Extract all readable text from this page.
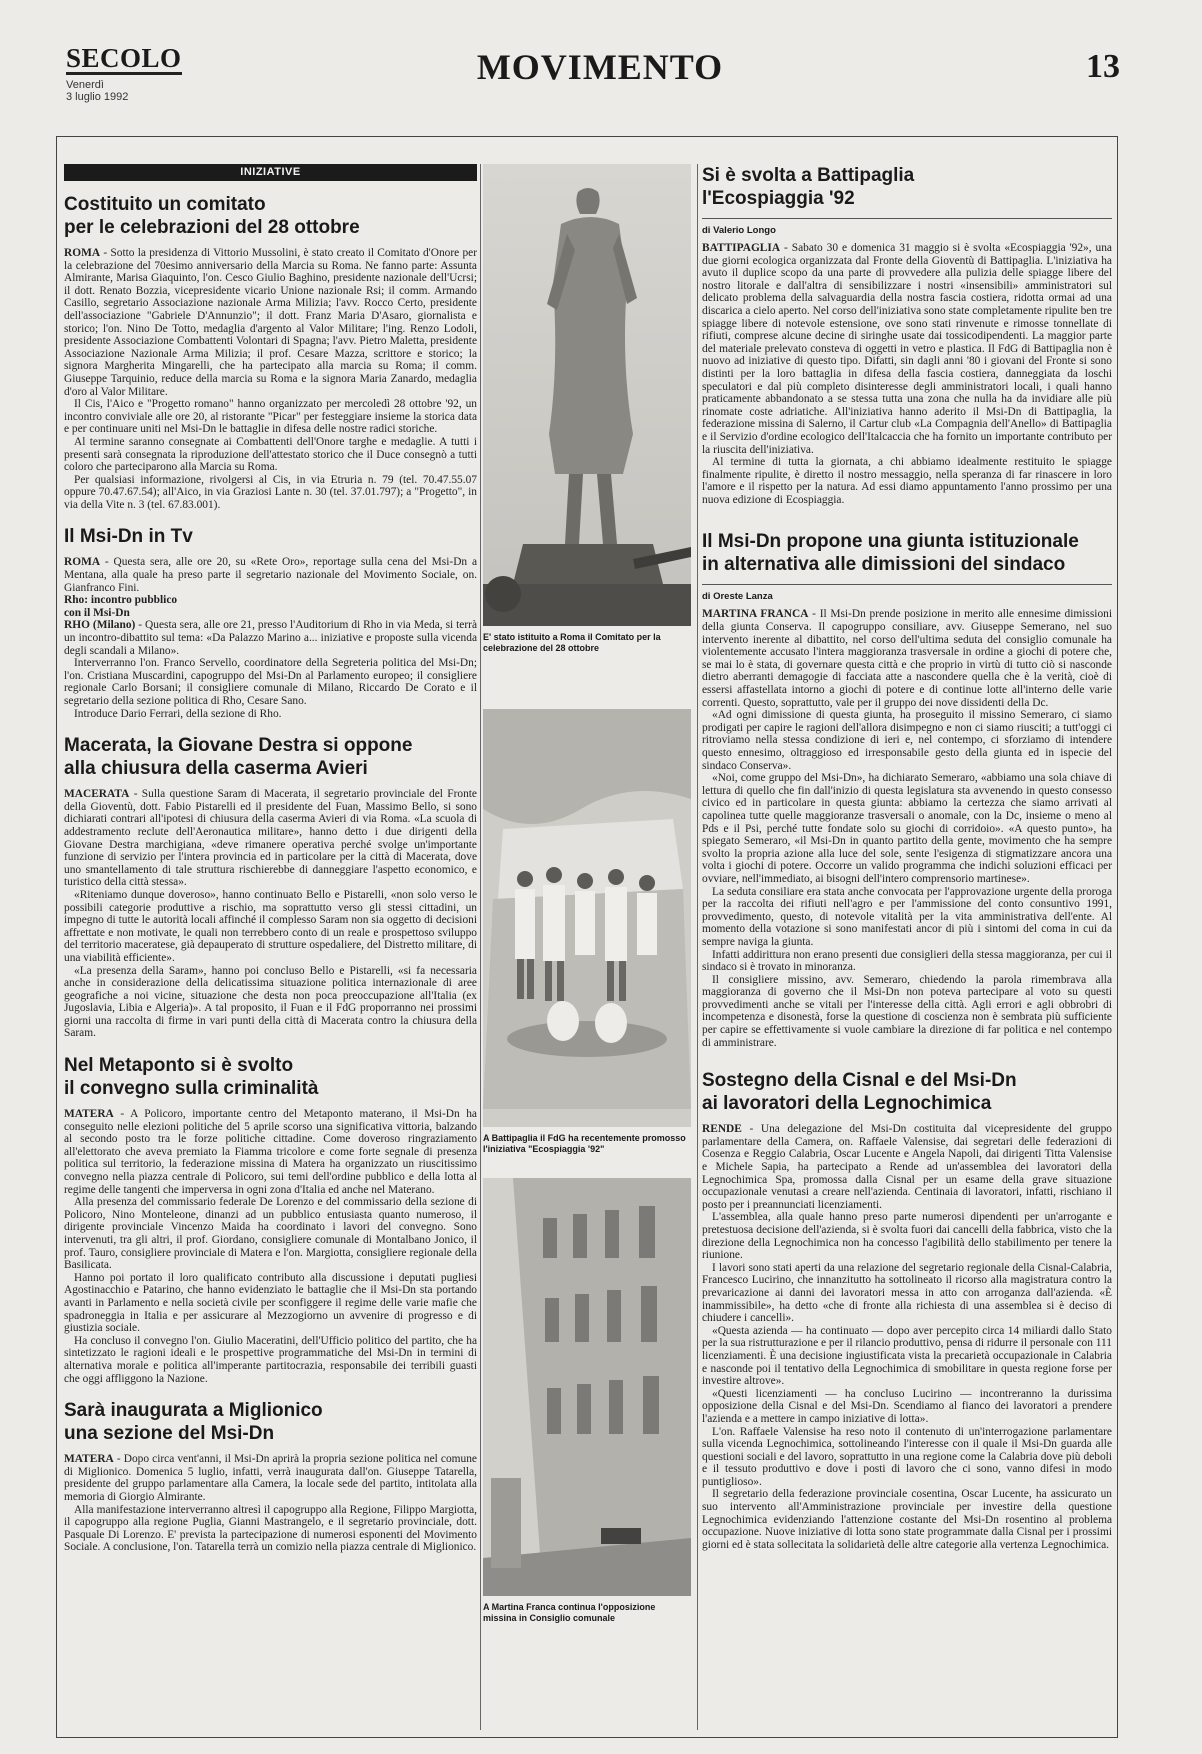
SECOLO
Venerdì
3 luglio 1992
MOVIMENTO	13
INIZIATIVE
Costituito un comitato
per le celebrazioni del 28 ottobre

ROMA - Sotto la presidenza di Vittorio Mussolini, è stato creato il Comitato d'Onore per la celebrazione del 70esimo anniversario della Marcia su Roma. Ne fanno parte: Assunta Almirante, Marisa Giaquinto, l'on. Cesco Giulio Baghino, presidente nazionale dell'Ucrsi; il dott. Renato Bozzia, vicepresidente vicario Unione nazionale Rsi; il comm. Armando Casillo, segretario Associazione nazionale Arma Milizia; l'avv. Rocco Certo, presidente dell'associazione "Gabriele D'Annunzio"; il dott. Franz Maria D'Asaro, giornalista e storico; l'on. Nino De Totto, medaglia d'argento al Valor Militare; l'ing. Renzo Lodoli, presidente Associazione Combattenti Volontari di Spagna; l'avv. Pietro Maletta, presidente Associazione Nazionale Arma Milizia; il prof. Cesare Mazza, scrittore e storico; la signora Margherita Mingarelli, che ha partecipato alla marcia su Roma; il comm. Giuseppe Tarquinio, reduce della marcia su Roma e la signora Maria Zanardo, medaglia d'oro al Valor Militare.

Il Cis, l'Aico e "Progetto romano" hanno organizzato per mercoledì 28 ottobre '92, un incontro conviviale alle ore 20, al ristorante "Picar" per festeggiare insieme la storica data e per continuare uniti nel Msi-Dn le battaglie in difesa delle nostre radici storiche.

Al termine saranno consegnate ai Combattenti dell'Onore targhe e medaglie. A tutti i presenti sarà consegnata la riproduzione dell'attestato storico che il Duce consegnò a tutti coloro che parteciparono alla Marcia su Roma.

Per qualsiasi informazione, rivolgersi al Cis, in via Etruria n. 79 (tel. 70.47.55.07 oppure 70.47.67.54); all'Aico, in via Graziosi Lante n. 30 (tel. 37.01.797); a "Progetto", in via della Vite n. 3 (tel. 67.83.001).

Il Msi-Dn in Tv

ROMA - Questa sera, alle ore 20, su «Rete Oro», reportage sulla cena del Msi-Dn a Mentana, alla quale ha preso parte il segretario nazionale del Movimento Sociale, on. Gianfranco Fini.

Rho: incontro pubblico

con il Msi-Dn

RHO (Milano) - Questa sera, alle ore 21, presso l'Auditorium di Rho in via Meda, si terrà un incontro-dibattito sul tema: «Da Palazzo Marino a... iniziative e proposte sulla vicenda degli scandali a Milano».

Interverranno l'on. Franco Servello, coordinatore della Segreteria politica del Msi-Dn; l'on. Cristiana Muscardini, capogruppo del Msi-Dn al Parlamento europeo; il consigliere regionale Carlo Borsani; il consigliere comunale di Milano, Riccardo De Corato e il segretario della sezione politica di Rho, Cesare Sano.

Introduce Dario Ferrari, della sezione di Rho.

Macerata, la Giovane Destra si oppone
alla chiusura della caserma Avieri

MACERATA - Sulla questione Saram di Macerata, il segretario provinciale del Fronte della Gioventù, dott. Fabio Pistarelli ed il presidente del Fuan, Massimo Bello, si sono dichiarati contrari all'ipotesi di chiusura della caserma Avieri di via Roma. «La scuola di addestramento reclute dell'Aeronautica militare», hanno detto i due dirigenti della Giovane Destra marchigiana, «deve rimanere operativa perché svolge un'importante funzione di servizio per l'intera provincia ed in particolare per la città di Macerata, dove uno smantellamento di tale struttura rischierebbe di danneggiare l'aspetto economico, e turistico della città stessa».

«Riteniamo dunque doveroso», hanno continuato Bello e Pistarelli, «non solo verso le possibili categorie produttive a rischio, ma soprattutto verso gli stessi cittadini, un impegno di tutte le autorità locali affinché il complesso Saram non sia oggetto di decisioni affrettate e non motivate, le quali non terrebbero conto di un reale e prospettoso sviluppo del territorio maceratese, già depauperato di strutture ospedaliere, del Distretto militare, di una viabilità efficiente».

«La presenza della Saram», hanno poi concluso Bello e Pistarelli, «si fa necessaria anche in considerazione della delicatissima situazione politica internazionale di aree geografiche a noi vicine, situazione che desta non poca preoccupazione all'Italia (ex Jugoslavia, Libia e Algeria)». A tal proposito, il Fuan e il FdG proporranno nei prossimi giorni una raccolta di firme in vari punti della città di Macerata contro la chiusura della Saram.

Nel Metaponto si è svolto
il convegno sulla criminalità

MATERA - A Policoro, importante centro del Metaponto materano, il Msi-Dn ha conseguito nelle elezioni politiche del 5 aprile scorso una significativa vittoria, balzando al secondo posto tra le forze politiche cittadine. Come doveroso ringraziamento all'elettorato che aveva premiato la Fiamma tricolore e come forte segnale di presenza politica sul territorio, la federazione missina di Matera ha organizzato un riuscitissimo convegno nella piazza centrale di Policoro, sui temi dell'ordine pubblico e della lotta al regime delle tangenti che imperversa in ogni zona d'Italia ed anche nel Materano.

Alla presenza del commissario federale De Lorenzo e del commissario della sezione di Policoro, Nino Monteleone, dinanzi ad un pubblico entusiasta quanto numeroso, il dirigente provinciale Vincenzo Maida ha coordinato i lavori del convegno. Sono intervenuti, tra gli altri, il prof. Giordano, consigliere comunale di Montalbano Jonico, il prof. Tauro, consigliere provinciale di Matera e l'on. Margiotta, consigliere regionale della Basilicata.

Hanno poi portato il loro qualificato contributo alla discussione i deputati pugliesi Agostinacchio e Patarino, che hanno evidenziato le battaglie che il Msi-Dn sta portando avanti in Parlamento e nella società civile per sconfiggere il regime delle varie mafie che spadroneggia in Italia e per assicurare al Mezzogiorno un avvenire di progresso e di giustizia sociale.

Ha concluso il convegno l'on. Giulio Maceratini, dell'Ufficio politico del partito, che ha sintetizzato le ragioni ideali e le prospettive programmatiche del Msi-Dn in termini di alternativa morale e politica all'imperante partitocrazia, responsabile dei terribili guasti che oggi affliggono la Nazione.

Sarà inaugurata a Miglionico
una sezione del Msi-Dn

MATERA - Dopo circa vent'anni, il Msi-Dn aprirà la propria sezione politica nel comune di Miglionico. Domenica 5 luglio, infatti, verrà inaugurata dall'on. Giuseppe Tatarella, presidente del gruppo parlamentare alla Camera, la locale sede del partito, intitolata alla memoria di Giorgio Almirante.

Alla manifestazione interverranno altresì il capogruppo alla Regione, Filippo Margiotta, il capogruppo alla regione Puglia, Gianni Mastrangelo, e il segretario provinciale, dott. Pasquale Di Lorenzo. E' prevista la partecipazione di numerosi esponenti del Movimento Sociale. A conclusione, l'on. Tatarella terrà un comizio nella piazza centrale di Miglionico.

E' stato istituito a Roma il Comitato per la celebrazione del 28 ottobre
A Battipaglia il FdG ha recentemente promosso l'iniziativa "Ecospiaggia '92"
A Martina Franca continua l'opposizione missina in Consiglio comunale
Si è svolta a Battipaglia
l'Ecospiaggia '92
di Valerio Longo

BATTIPAGLIA - Sabato 30 e domenica 31 maggio si è svolta «Ecospiaggia '92», una due giorni ecologica organizzata dal Fronte della Gioventù di Battipaglia. L'iniziativa ha avuto il duplice scopo da una parte di provvedere alla pulizia delle spiagge libere del nostro litorale e dall'altra di sensibilizzare i nostri «insensibili» amministratori sul delicato problema della salvaguardia della nostra fascia costiera, ridotta ormai ad una discarica a cielo aperto. Nel corso dell'iniziativa sono state completamente ripulite ben tre spiagge libere di notevole estensione, ove sono stati rinvenute e rimosse tonnellate di rifiuti, comprese alcune decine di siringhe usate dai tossicodipendenti. La maggior parte del materiale prelevato consteva di oggetti in vetro e plastica. Il FdG di Battipaglia non è nuovo ad iniziative di questo tipo. Difatti, sin dagli anni '80 i giovani del Fronte si sono distinti per la loro battaglia in difesa della fascia costiera, danneggiata da loschi speculatori e dal più completo disinteresse degli amministratori locali, i quali hanno praticamente abbandonato a se stessa tutta una zona che nulla ha da invidiare alle più rinomate coste adriatiche. All'iniziativa hanno aderito il Msi-Dn di Battipaglia, la federazione missina di Salerno, il Cartur club «La Compagnia dell'Anello» di Battipaglia e il Servizio d'ordine ecologico dell'Italcaccia che ha fornito un importante contributo per la riuscita dell'iniziativa.

Al termine di tutta la giornata, a chi abbiamo idealmente restituito le spiagge finalmente ripulite, è diretto il nostro messaggio, nella speranza di far rinascere in loro l'amore e il rispetto per la natura. Ad essi diamo appuntamento l'anno prossimo per una nuova edizione di Ecospiaggia.

Il Msi-Dn propone una giunta istituzionale
in alternativa alle dimissioni del sindaco
di Oreste Lanza

MARTINA FRANCA - Il Msi-Dn prende posizione in merito alle ennesime dimissioni della giunta Conserva. Il capogruppo consiliare, avv. Giuseppe Semerano, nel suo intervento inerente al dibattito, nel corso dell'ultima seduta del consiglio comunale ha violentemente accusato l'intera maggioranza trasversale in ordine a giochi di potere che, se mai lo è stata, di governare questa città e che proprio in virtù di tutto ciò si nasconde dietro aberranti demagogie di facciata atte a nascondere quella che è la verità, cioè di essersi affastellata intorno a giochi di potere e di continue lotte all'interno delle varie correnti. Questo, soprattutto, vale per il gruppo dei nove dissidenti della Dc.

«Ad ogni dimissione di questa giunta, ha proseguito il missino Semeraro, ci siamo prodigati per capire le ragioni dell'allora disimpegno e non ci siamo riusciti; a tutt'oggi ci ritroviamo nella stessa condizione di ieri e, nel contempo, ci sforziamo di intendere questo ennesimo, oltraggioso ed irresponsabile gesto della giunta ed in ispecie del sindaco Conserva».

«Noi, come gruppo del Msi-Dn», ha dichiarato Semeraro, «abbiamo una sola chiave di lettura di quello che fin dall'inizio di questa legislatura sta avvenendo in questo consesso civico ed in particolare in questa giunta: abbiamo la certezza che siamo arrivati al capolinea tutte quelle maggioranze trasversali o anomale, con la Dc, insieme o meno al Pds e il Psi, perché tutte fondate solo su giochi di corridoio». «A questo punto», ha spiegato Semeraro, «il Msi-Dn in quanto partito della gente, movimento che ha sempre svolto la propria azione alla luce del sole, sente l'esigenza di stigmatizzare ancora una volta i giochi di potere. Occorre un valido programma che indichi soluzioni efficaci per ovviare, nell'immediato, ai bisogni dell'intero comprensorio martinese».

La seduta consiliare era stata anche convocata per l'approvazione urgente della proroga per la raccolta dei rifiuti nell'agro e per l'ammissione del conto consuntivo 1991, provvedimento, questo, di notevole vitalità per la vita amministrativa dell'ente. Al momento della votazione si sono manifestati ancor di più i sintomi del coma in cui da sempre naviga la giunta.

Infatti addirittura non erano presenti due consiglieri della stessa maggioranza, per cui il sindaco si è trovato in minoranza.

Il consigliere missino, avv. Semeraro, chiedendo la parola rimembrava alla maggioranza di governo che il Msi-Dn non poteva partecipare al voto su questi provvedimenti anche se vitali per l'interesse della città. Agli errori e agli obbrobri di incompetenza e disonestà, forse la questione di coscienza non è sembrata più sufficiente per capire se effettivamente si vuole cambiare la direzione di far politica e nel contempo di amministrare.

Sostegno della Cisnal e del Msi-Dn
ai lavoratori della Legnochimica

RENDE - Una delegazione del Msi-Dn costituita dal vicepresidente del gruppo parlamentare della Camera, on. Raffaele Valensise, dai segretari delle federazioni di Cosenza e Reggio Calabria, Oscar Lucente e Angela Napoli, dai dirigenti Titta Valensise e Michele Sapia, ha partecipato a Rende ad un'assemblea dei lavoratori della Legnochimica Spa, promossa dalla Cisnal per un esame della grave situazione occupazionale venutasi a creare nell'azienda. Centinaia di lavoratori, infatti, rischiano il posto per i preannunciati licenziamenti.

L'assemblea, alla quale hanno preso parte numerosi dipendenti per un'arrogante e pretestuosa decisione dell'azienda, si è svolta fuori dai cancelli della fabbrica, visto che la direzione della Legnochimica non ha concesso l'agibilità dello stabilimento per tenere la riunione.

I lavori sono stati aperti da una relazione del segretario regionale della Cisnal-Calabria, Francesco Lucirino, che innanzitutto ha sottolineato il ricorso alla magistratura contro la prevaricazione ai danni dei lavoratori messa in atto con arroganza dall'azienda. «È inammissibile», ha detto «che di fronte alla richiesta di una assemblea si è deciso di chiudere i cancelli».

«Questa azienda — ha continuato — dopo aver percepito circa 14 miliardi dallo Stato per la sua ristrutturazione e per il rilancio produttivo, pensa di ridurre il personale con 111 licenziamenti. È una decisione ingiustificata vista la precarietà occupazionale in Calabria e nasconde poi il tentativo della Legnochimica di smobilitare in questa regione forse per investire altrove».

«Questi licenziamenti — ha concluso Lucirino — incontreranno la durissima opposizione della Cisnal e del Msi-Dn. Scendiamo al fianco dei lavoratori a prendere l'azienda e a mettere in campo iniziative di lotta».

L'on. Raffaele Valensise ha reso noto il contenuto di un'interrogazione parlamentare sulla vicenda Legnochimica, sottolineando l'interesse con il quale il Msi-Dn guarda alle questioni sociali e del lavoro, soprattutto in una regione come la Calabria dove più deboli e il tessuto produttivo e dove i posti di lavoro che ci sono, vanno difesi in modo puntiglioso».

Il segretario della federazione provinciale cosentina, Oscar Lucente, ha assicurato un suo intervento all'Amministrazione provinciale per investire della questione Legnochimica evidenziando l'attenzione costante del Msi-Dn rosentino al problema occupazione. Nuove iniziative di lotta sono state programmate dalla Cisnal per i prossimi giorni ed è stata sollecitata la solidarietà delle altre categorie alla vertenza Legnochimica.
